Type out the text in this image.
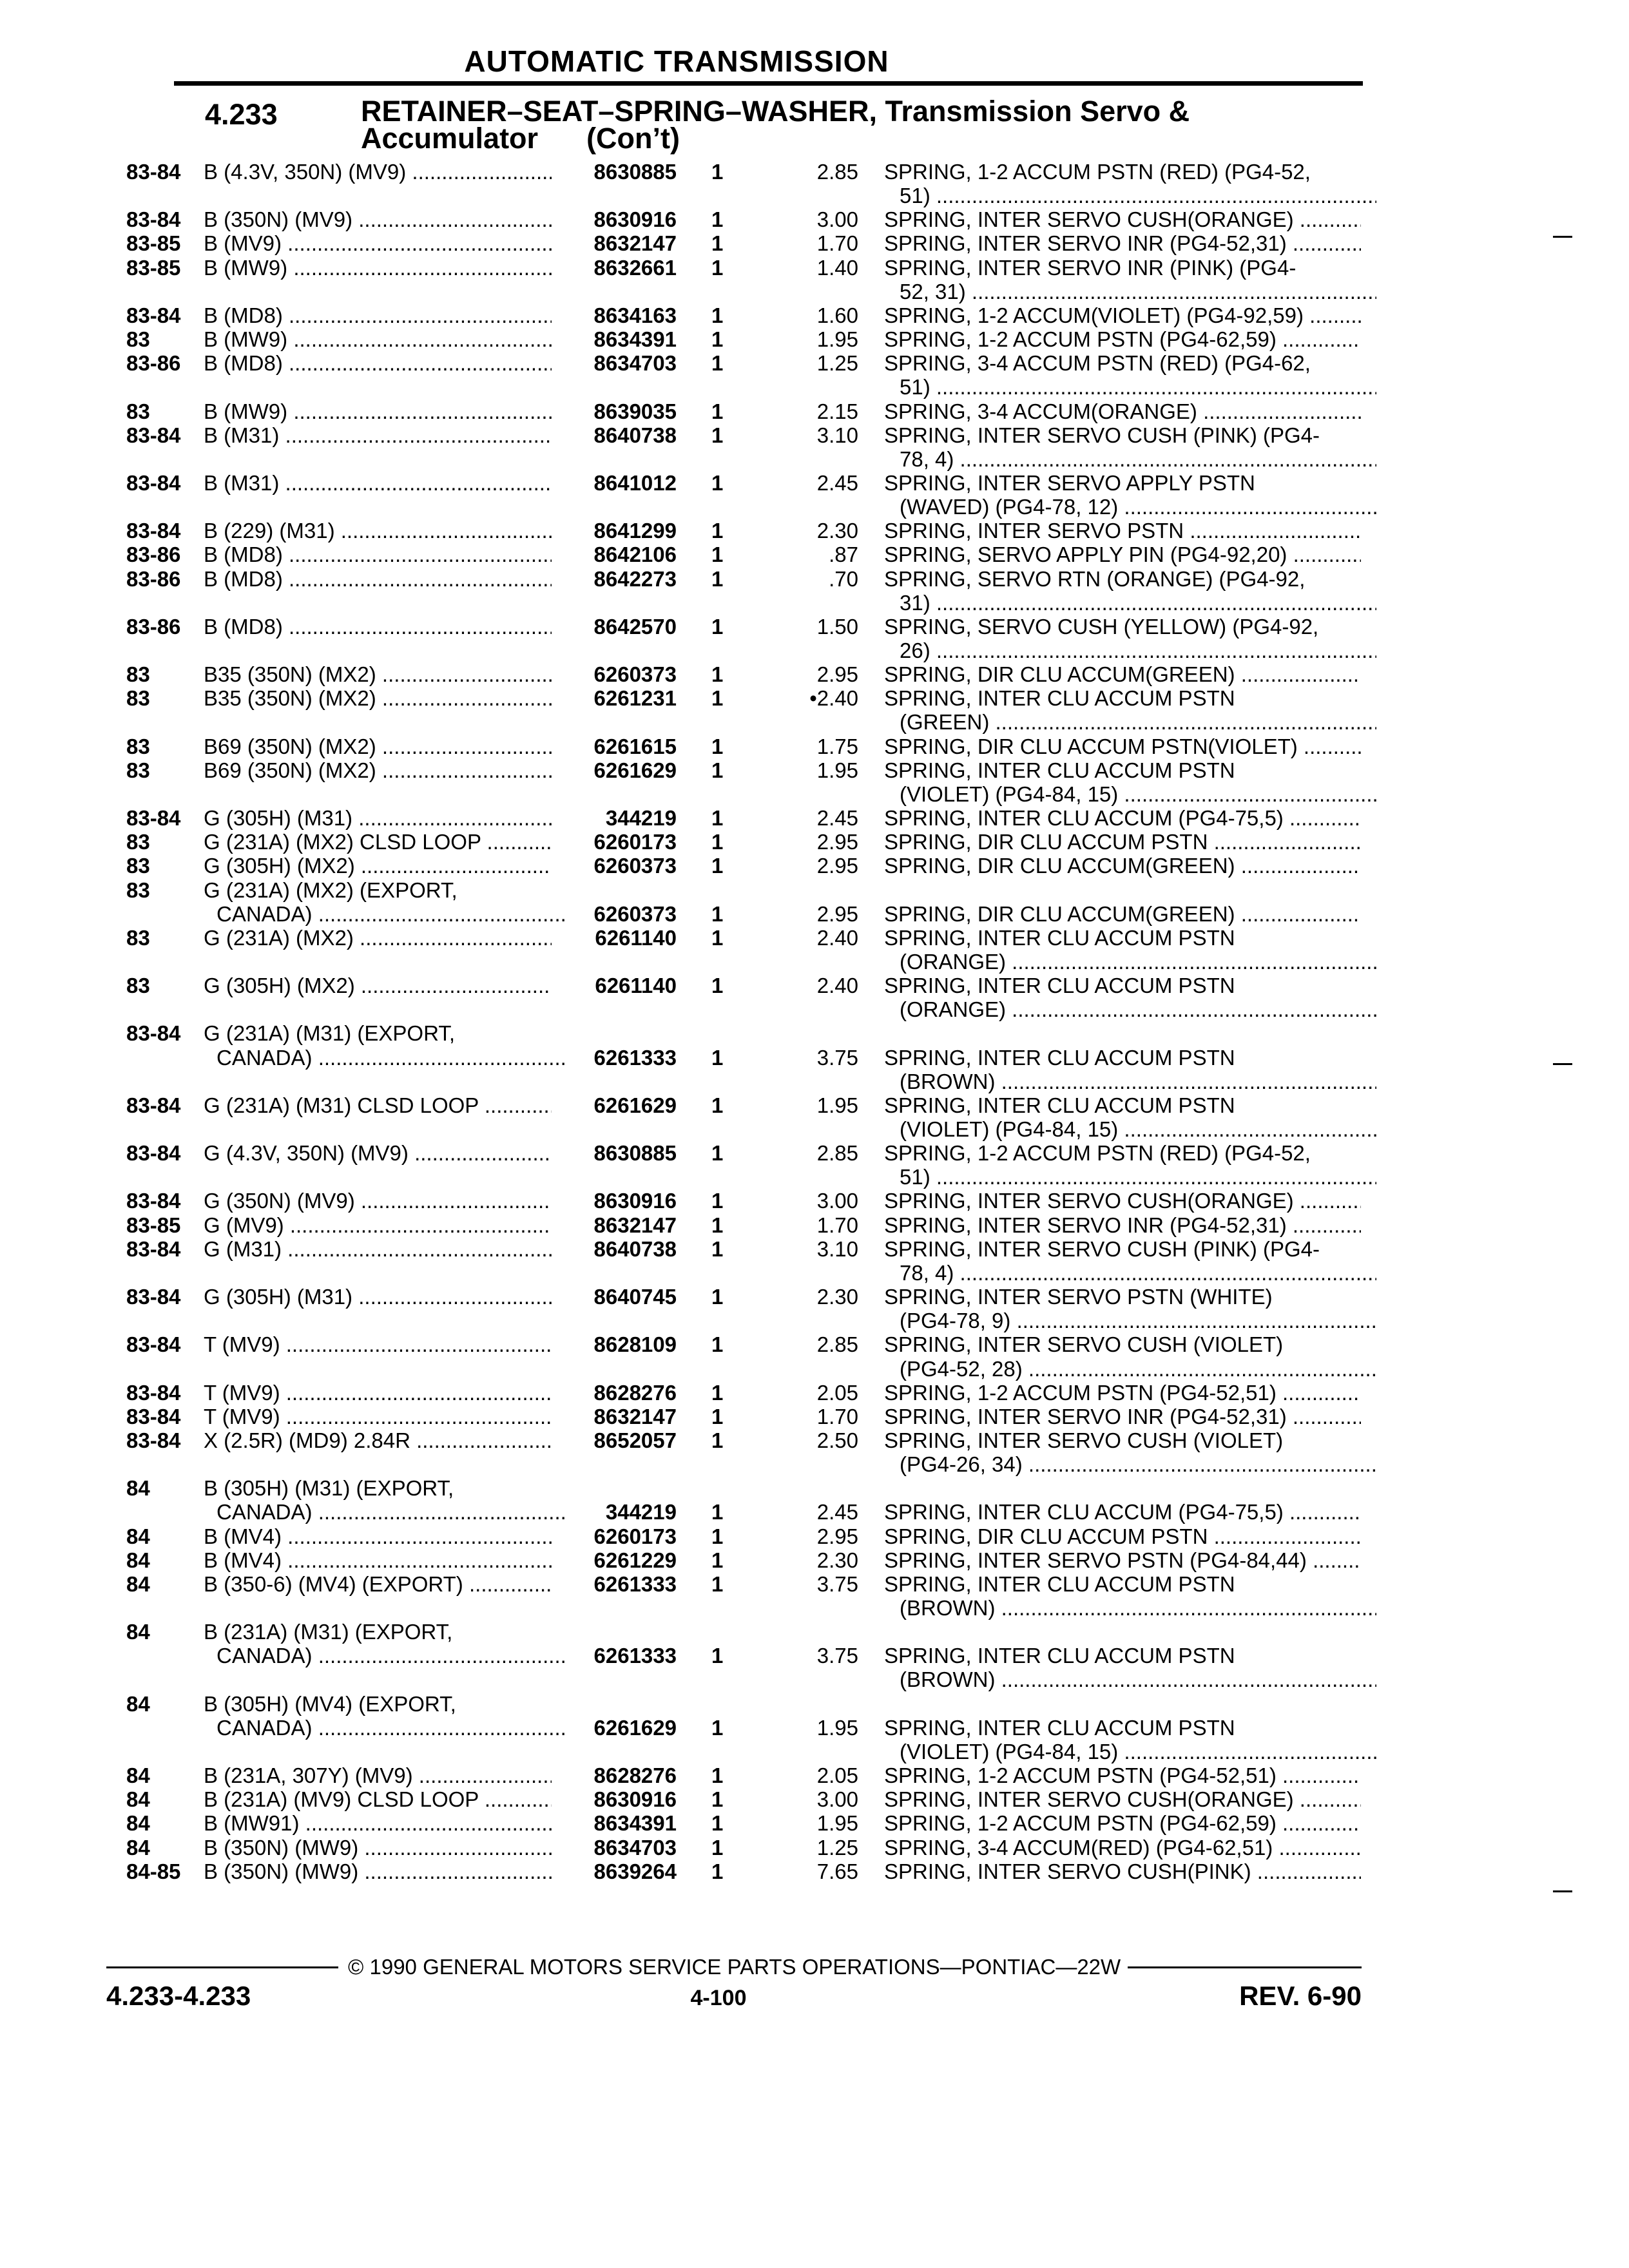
AUTOMATIC TRANSMISSION
4.233	RETAINER–SEAT–SPRING–WASHER, Transmission Servo &
Accumulator      (Con’t)
83-84 B (4.3V, 350N) (MV9) .....	8630885 1	2.85 SPRING, 1-2 ACCUM PSTN (RED) (PG4-52,
51) .....
83-84 B (350N) (MV9) .....	8630916 1	3.00 SPRING, INTER SERVO CUSH(ORANGE) .....
83-85 B (MV9) .....	8632147 1	1.70 SPRING, INTER SERVO INR (PG4-52,31) .....
83-85 B (MW9) .....	8632661 1	1.40 SPRING, INTER SERVO INR (PINK) (PG4-
52, 31) .....
83-84 B (MD8) .....	8634163 1	1.60 SPRING, 1-2 ACCUM(VIOLET) (PG4-92,59) .....
83	B (MW9) .....	8634391 1	1.95 SPRING, 1-2 ACCUM PSTN (PG4-62,59) .....
83-86 B (MD8) .....	8634703 1	1.25 SPRING, 3-4 ACCUM PSTN (RED) (PG4-62,
51) .....
83	B (MW9) .....	8639035 1	2.15 SPRING, 3-4 ACCUM(ORANGE) .....
83-84 B (M31) .....	8640738 1	3.10 SPRING, INTER SERVO CUSH (PINK) (PG4-
78, 4) .....
83-84 B (M31) .....	8641012 1	2.45 SPRING, INTER SERVO APPLY PSTN
(WAVED) (PG4-78, 12) .....
83-84 B (229) (M31) .....	8641299 1	2.30 SPRING, INTER SERVO PSTN .....
83-86 B (MD8) .....	8642106 1	.87 SPRING, SERVO APPLY PIN (PG4-92,20) .....
83-86 B (MD8) .....	8642273 1	.70 SPRING, SERVO RTN (ORANGE) (PG4-92,
31) .....
83-86 B (MD8) .....	8642570 1	1.50 SPRING, SERVO CUSH (YELLOW) (PG4-92,
26) .....
83	B35 (350N) (MX2) .....	6260373 1	2.95 SPRING, DIR CLU ACCUM(GREEN) .....
83	B35 (350N) (MX2) .....	6261231 1	•2.40 SPRING, INTER CLU ACCUM PSTN
(GREEN) .....
83	B69 (350N) (MX2) .....	6261615 1	1.75 SPRING, DIR CLU ACCUM PSTN(VIOLET) .....
83	B69 (350N) (MX2) .....	6261629 1	1.95 SPRING, INTER CLU ACCUM PSTN
(VIOLET) (PG4-84, 15) .....
83-84 G (305H) (M31) .....	344219 1	2.45 SPRING, INTER CLU ACCUM (PG4-75,5) .....
83	G (231A) (MX2) CLSD LOOP .....	6260173 1	2.95 SPRING, DIR CLU ACCUM PSTN .....
83	G (305H) (MX2) .....	6260373 1	2.95 SPRING, DIR CLU ACCUM(GREEN) .....
83	G (231A) (MX2) (EXPORT,
CANADA) .....	6260373 1	2.95 SPRING, DIR CLU ACCUM(GREEN) .....
83	G (231A) (MX2) .....	6261140 1	2.40 SPRING, INTER CLU ACCUM PSTN
(ORANGE) .....
83	G (305H) (MX2) .....	6261140 1	2.40 SPRING, INTER CLU ACCUM PSTN
(ORANGE) .....
83-84 G (231A) (M31) (EXPORT,
CANADA) .....	6261333 1	3.75 SPRING, INTER CLU ACCUM PSTN
(BROWN) .....
83-84 G (231A) (M31) CLSD LOOP .....	6261629 1	1.95 SPRING, INTER CLU ACCUM PSTN
(VIOLET) (PG4-84, 15) .....
83-84 G (4.3V, 350N) (MV9) .....	8630885 1	2.85 SPRING, 1-2 ACCUM PSTN (RED) (PG4-52,
51) .....
83-84 G (350N) (MV9) .....	8630916 1	3.00 SPRING, INTER SERVO CUSH(ORANGE) .....
83-85 G (MV9) .....	8632147 1	1.70 SPRING, INTER SERVO INR (PG4-52,31) .....
83-84 G (M31) .....	8640738 1	3.10 SPRING, INTER SERVO CUSH (PINK) (PG4-
78, 4) .....
83-84 G (305H) (M31) .....	8640745 1	2.30 SPRING, INTER SERVO PSTN (WHITE)
(PG4-78, 9) .....
83-84 T (MV9) .....	8628109 1	2.85 SPRING, INTER SERVO CUSH (VIOLET)
(PG4-52, 28) .....
83-84 T (MV9) .....	8628276 1	2.05 SPRING, 1-2 ACCUM PSTN (PG4-52,51) .....
83-84 T (MV9) .....	8632147 1	1.70 SPRING, INTER SERVO INR (PG4-52,31) .....
83-84 X (2.5R) (MD9) 2.84R .....	8652057 1	2.50 SPRING, INTER SERVO CUSH (VIOLET)
(PG4-26, 34) .....
84	B (305H) (M31) (EXPORT,
CANADA) .....	344219 1	2.45 SPRING, INTER CLU ACCUM (PG4-75,5) .....
84	B (MV4) .....	6260173 1	2.95 SPRING, DIR CLU ACCUM PSTN .....
84	B (MV4) .....	6261229 1	2.30 SPRING, INTER SERVO PSTN (PG4-84,44) .....
84	B (350-6) (MV4) (EXPORT) .....	6261333 1	3.75 SPRING, INTER CLU ACCUM PSTN
(BROWN) .....
84	B (231A) (M31) (EXPORT,
CANADA) .....	6261333 1	3.75 SPRING, INTER CLU ACCUM PSTN
(BROWN) .....
84	B (305H) (MV4) (EXPORT,
CANADA) .....	6261629 1	1.95 SPRING, INTER CLU ACCUM PSTN
(VIOLET) (PG4-84, 15) .....
84	B (231A, 307Y) (MV9) .....	8628276 1	2.05 SPRING, 1-2 ACCUM PSTN (PG4-52,51) .....
84	B (231A) (MV9) CLSD LOOP .....	8630916 1	3.00 SPRING, INTER SERVO CUSH(ORANGE) .....
84	B (MW91) .....	8634391 1	1.95 SPRING, 1-2 ACCUM PSTN (PG4-62,59) .....
84	B (350N) (MW9) .....	8634703 1	1.25 SPRING, 3-4 ACCUM(RED) (PG4-62,51) .....
84-85 B (350N) (MW9) .....	8639264 1	7.65 SPRING, INTER SERVO CUSH(PINK) .....
© 1990 GENERAL MOTORS SERVICE PARTS OPERATIONS—PONTIAC—22W
4.233-4.233	4-100	REV. 6-90
